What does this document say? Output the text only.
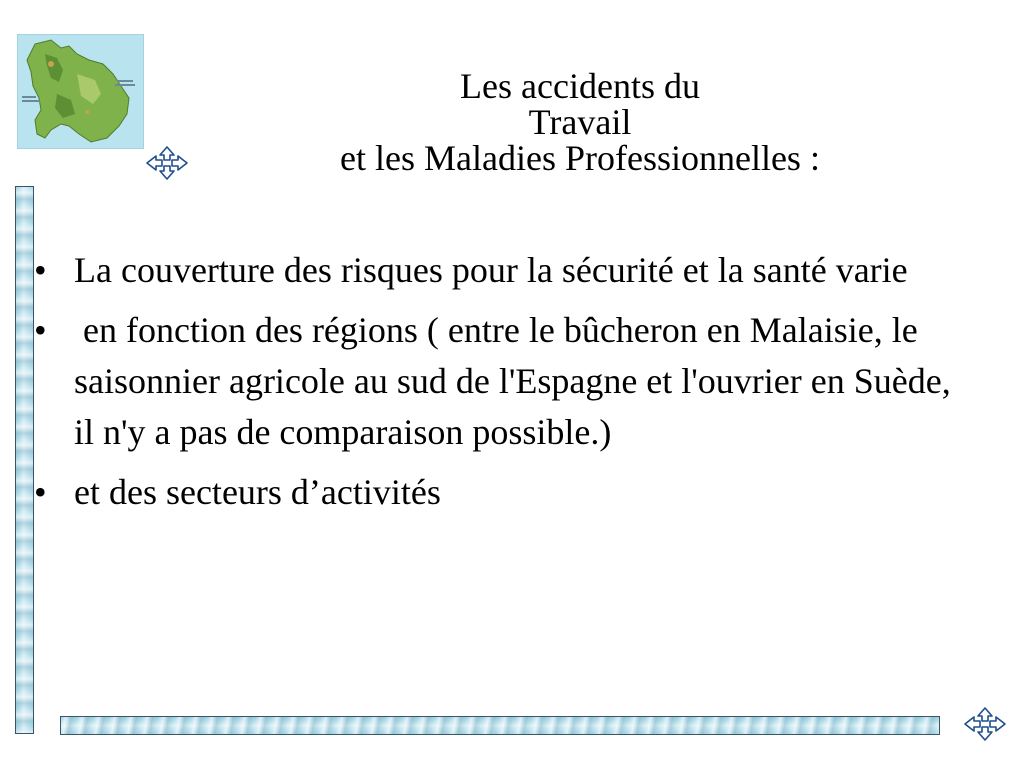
Les accidents du
Travail
et les Maladies Professionnelles :
• La couverture des risques pour la sécurité et la santé varie
• en fonction des régions ( entre le bûcheron en Malaisie, le saisonnier agricole au sud de l'Espagne et l'ouvrier en Suède, il n'y a pas de comparaison possible.)
• et des secteurs d’activités
